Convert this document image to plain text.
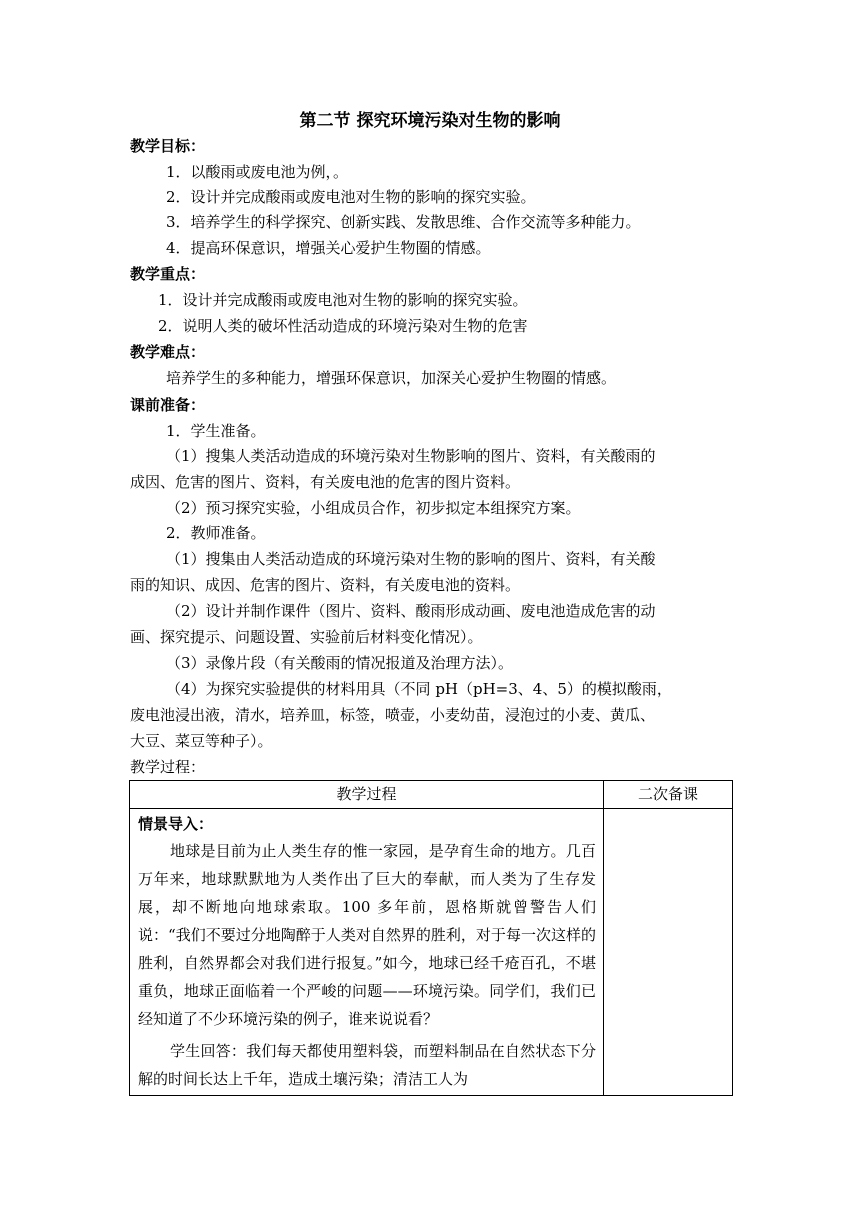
第二节 探究环境污染对生物的影响
教学目标：
1．以酸雨或废电池为例，。
2．设计并完成酸雨或废电池对生物的影响的探究实验。
3．培养学生的科学探究、创新实践、发散思维、合作交流等多种能力。
4．提高环保意识，增强关心爱护生物圈的情感。
教学重点：
1．设计并完成酸雨或废电池对生物的影响的探究实验。
2．说明人类的破坏性活动造成的环境污染对生物的危害
教学难点：
培养学生的多种能力，增强环保意识，加深关心爱护生物圈的情感。
课前准备：
1．学生准备。
（1）搜集人类活动造成的环境污染对生物影响的图片、资料，有关酸雨的
成因、危害的图片、资料，有关废电池的危害的图片资料。
（2）预习探究实验，小组成员合作，初步拟定本组探究方案。
2．教师准备。
（1）搜集由人类活动造成的环境污染对生物的影响的图片、资料，有关酸
雨的知识、成因、危害的图片、资料，有关废电池的资料。
（2）设计并制作课件（图片、资料、酸雨形成动画、废电池造成危害的动
画、探究提示、问题设置、实验前后材料变化情况）。
（3）录像片段（有关酸雨的情况报道及治理方法）。
（4）为探究实验提供的材料用具（不同 pH（pH=3、4、5）的模拟酸雨，
废电池浸出液，清水，培养皿，标签，喷壶，小麦幼苗，浸泡过的小麦、黄瓜、
大豆、菜豆等种子）。
教学过程：
教学过程	二次备课
情景导入：
地球是目前为止人类生存的惟一家园，是孕育生命的地方。几百万年来，地球默默地为人类作出了巨大的奉献，而人类为了生存发展，却不断地向地球索取。100 多年前，恩格斯就曾警告人们说：“我们不要过分地陶醉于人类对自然界的胜利，对于每一次这样的胜利，自然界都会对我们进行报复。”如今，地球已经千疮百孔，不堪重负，地球正面临着一个严峻的问题——环境污染。同学们，我们已经知道了不少环境污染的例子，谁来说说看？
学生回答：我们每天都使用塑料袋，而塑料制品在自然状态下分解的时间长达上千年，造成土壤污染；清洁工人为
